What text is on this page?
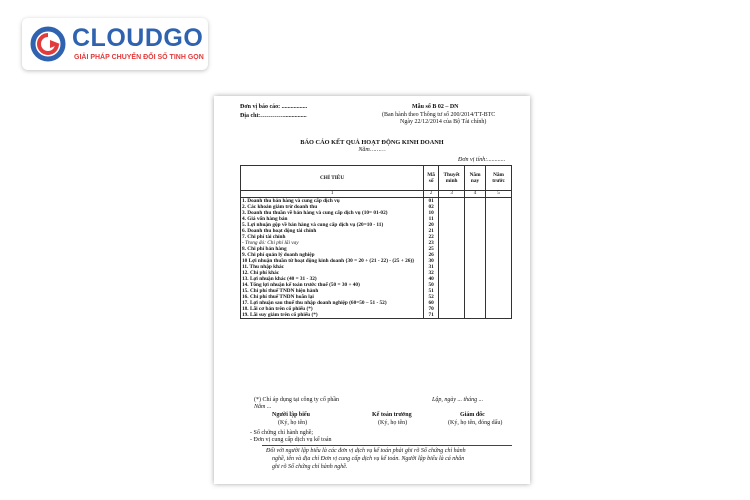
CLOUDGO
GIẢI PHÁP CHUYỂN ĐỔI SỐ TINH GỌN
Đơn vị báo cáo: .................
Địa chỉ:…………...............
Mẫu số B 02 – DN
(Ban hành theo Thông tư số 200/2014/TT-BTC
Ngày 22/12/2014 của Bộ Tài chính)
BÁO CÁO KẾT QUẢ HOẠT ĐỘNG KINH DOANH
Năm………
Đơn vị tính:............
CHỈ TIÊU	Mã số	Thuyết minh	Năm nay	Năm trước
1	2	3	4	5
1. Doanh thu bán hàng và cung cấp dịch vụ	01			
2. Các khoản giảm trừ doanh thu	02			
3. Doanh thu thuần về bán hàng và cung cấp dịch vụ (10= 01-02)	10			
4. Giá vốn hàng bán	11			
5. Lợi nhuận gộp về bán hàng và cung cấp dịch vụ (20=10 - 11)	20			
6. Doanh thu hoạt động tài chính	21			
7. Chi phí tài chính	22			
- Trong đó: Chi phí lãi vay	23			
8. Chi phí bán hàng	25			
9. Chi phí quản lý doanh nghiệp	26			
10 Lợi nhuận thuần từ hoạt động kinh doanh {30 = 20 + (21 - 22) - (25 + 26)}	30			
11. Thu nhập khác	31			
12. Chi phí khác	32			
13. Lợi nhuận khác (40 = 31 - 32)	40			
14. Tổng lợi nhuận kế toán trước thuế (50 = 30 + 40)	50			
15. Chi phí thuế TNDN hiện hành	51			
16. Chi phí thuế TNDN hoãn lại	52			
17. Lợi nhuận sau thuế thu nhập doanh nghiệp (60=50 – 51 - 52)	60			
18. Lãi cơ bản trên cổ phiếu (*)	70			
19. Lãi suy giảm trên cổ phiếu (*)	71			
(*) Chỉ áp dụng tại công ty cổ phần
Năm ...
Lập, ngày ... tháng ...
Người lập biểu
(Ký, họ tên)
Kế toán trưởng
(Ký, họ tên)
Giám đốc
(Ký, họ tên, đóng dấu)
- Số chứng chỉ hành nghề;
- Đơn vị cung cấp dịch vụ kế toán
Đối với người lập biểu là các đơn vị dịch vụ kế toán phải ghi rõ Số chứng chỉ hành
nghề, tên và địa chỉ Đơn vị cung cấp dịch vụ kế toán. Người lập biểu là cá nhân
ghi rõ Số chứng chỉ hành nghề.
